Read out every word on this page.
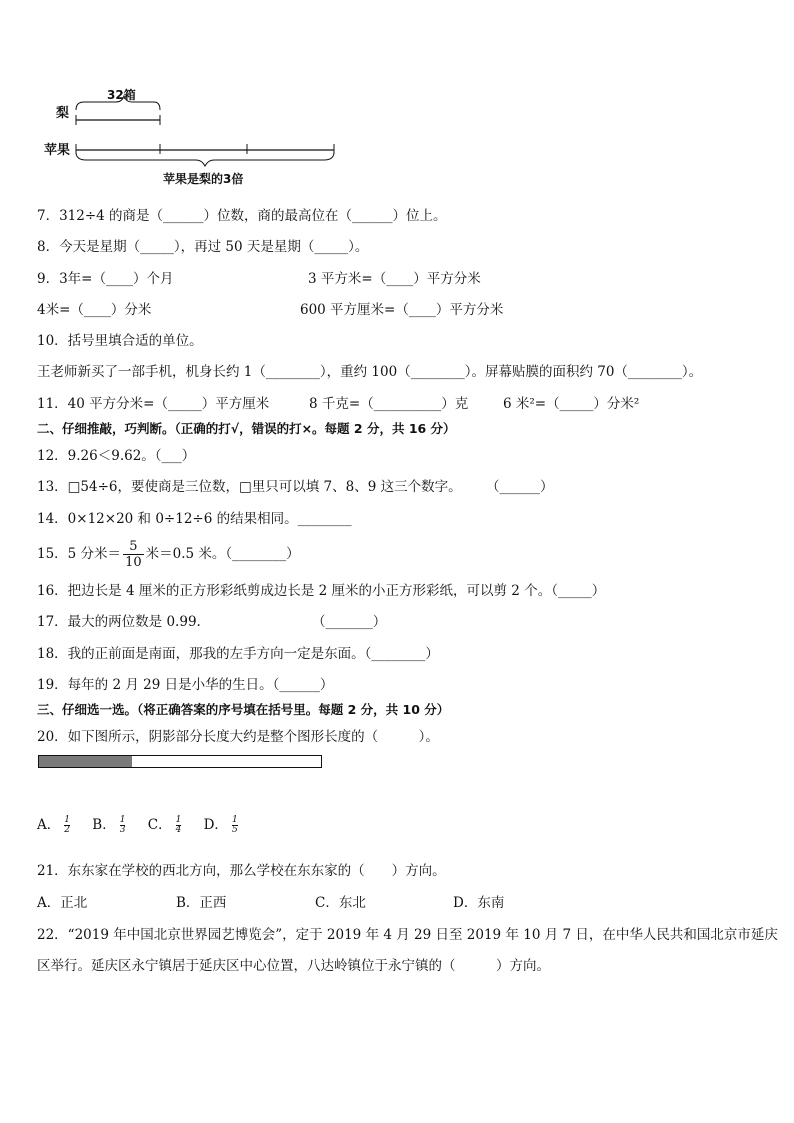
32箱
梨
苹果
苹果是梨的3倍
7．312÷4 的商是（______）位数，商的最高位在（______）位上。
8．今天是星期（_____），再过 50 天是星期（_____）。
9．3年=（____）个月	3 平方米=（____）平方分米
4米=（____）分米	600 平方厘米=（____）平方分米
10．括号里填合适的单位。
王老师新买了一部手机，机身长约 1（________），重约 100（________）。屏幕贴膜的面积约 70（________）。
11．40 平方分米=（_____）平方厘米	8 千克=（__________）克	6 米²=（_____）分米²
二、仔细推敲，巧判断。（正确的打√，错误的打×。每题 2 分，共 16 分）
12．9.26＜9.62。（___）
13．□54÷6，要使商是三位数，□里只可以填 7、8、9 这三个数字。 （______）
14．0×12×20 和 0÷12÷6 的结果相同。________
15．5 分米＝ $\frac{5}{10}$ 米＝0.5 米。（________）
16．把边长是 4 厘米的正方形彩纸剪成边长是 2 厘米的小正方形彩纸，可以剪 2 个。（_____）
17．最大的两位数是 0.99.	（_______）
18．我的正前面是南面，那我的左手方向一定是东面。（________）
19．每年的 2 月 29 日是小华的生日。（______）
三、仔细选一选。（将正确答案的序号填在括号里。每题 2 分，共 10 分）
20．如下图所示，阴影部分长度大约是整个图形长度的（　　　）。
A． $\frac{1}{2}$ B． $\frac{1}{3}$ C． $\frac{1}{4}$ D． $\frac{1}{5}$
21．东东家在学校的西北方向，那么学校在东东家的（　　）方向。
A．正北	B．正西	C．东北	D．东南
22．“2019 年中国北京世界园艺博览会”，定于 2019 年 4 月 29 日至 2019 年 10 月 7 日，在中华人民共和国北京市延庆
区举行。延庆区永宁镇居于延庆区中心位置，八达岭镇位于永宁镇的（　　　）方向。
